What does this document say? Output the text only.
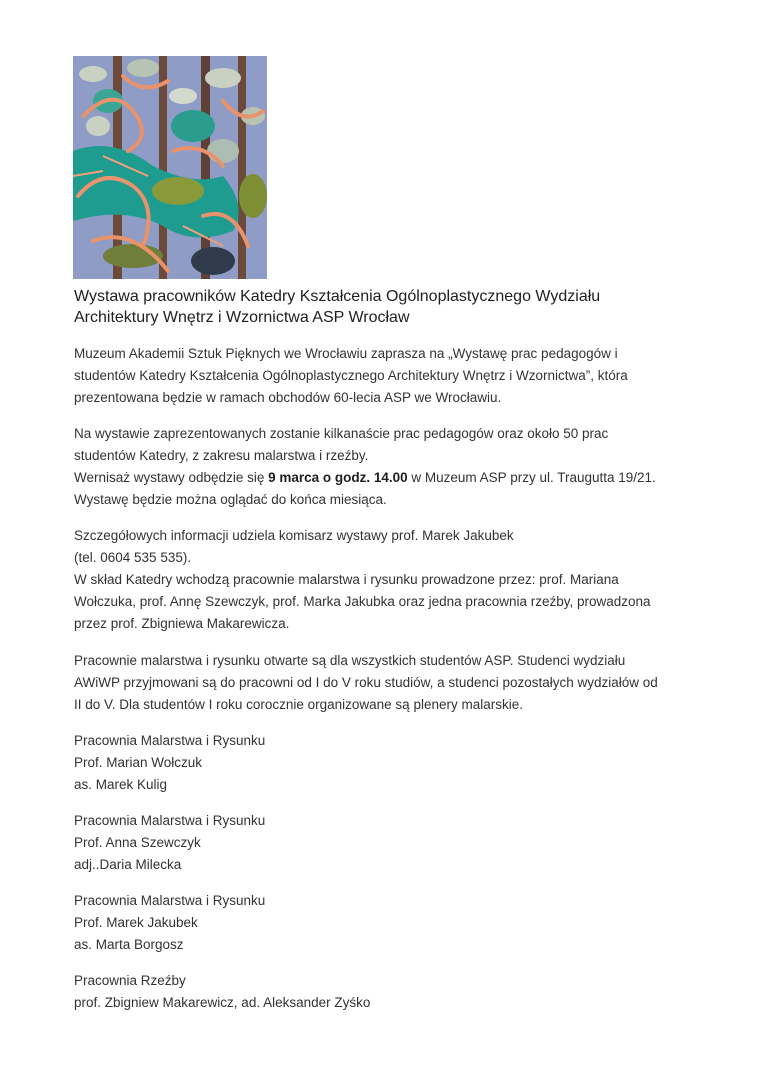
Wystawa pracowników Katedry Kształcenia Ogólnoplastycznego Wydziału
Architektury Wnętrz i Wzornictwa ASP Wrocław
Muzeum Akademii Sztuk Pięknych we Wrocławiu zaprasza na „Wystawę prac pedagogów i
studentów Katedry Kształcenia Ogólnoplastycznego Architektury Wnętrz i Wzornictwa”, która
prezentowana będzie w ramach obchodów 60-lecia ASP we Wrocławiu.
Na wystawie zaprezentowanych zostanie kilkanaście prac pedagogów oraz około 50 prac
studentów Katedry, z zakresu malarstwa i rzeźby.
Wernisaż wystawy odbędzie się 9 marca o godz. 14.00 w Muzeum ASP przy ul. Traugutta 19/21.
Wystawę będzie można oglądać do końca miesiąca.
Szczegółowych informacji udziela komisarz wystawy prof. Marek Jakubek
(tel. 0604 535 535).
W skład Katedry wchodzą pracownie malarstwa i rysunku prowadzone przez: prof. Mariana
Wołczuka, prof. Annę Szewczyk, prof. Marka Jakubka oraz jedna pracownia rzeźby, prowadzona
przez prof. Zbigniewa Makarewicza.
Pracownie malarstwa i rysunku otwarte są dla wszystkich studentów ASP. Studenci wydziału
AWiWP przyjmowani są do pracowni od I do V roku studiów, a studenci pozostałych wydziałów od
II do V. Dla studentów I roku corocznie organizowane są plenery malarskie.
Pracownia Malarstwa i Rysunku
Prof. Marian Wołczuk
as. Marek Kulig
Pracownia Malarstwa i Rysunku
Prof. Anna Szewczyk
adj..Daria Milecka
Pracownia Malarstwa i Rysunku
Prof. Marek Jakubek
as. Marta Borgosz
Pracownia Rzeźby
prof. Zbigniew Makarewicz, ad. Aleksander Zyśko
